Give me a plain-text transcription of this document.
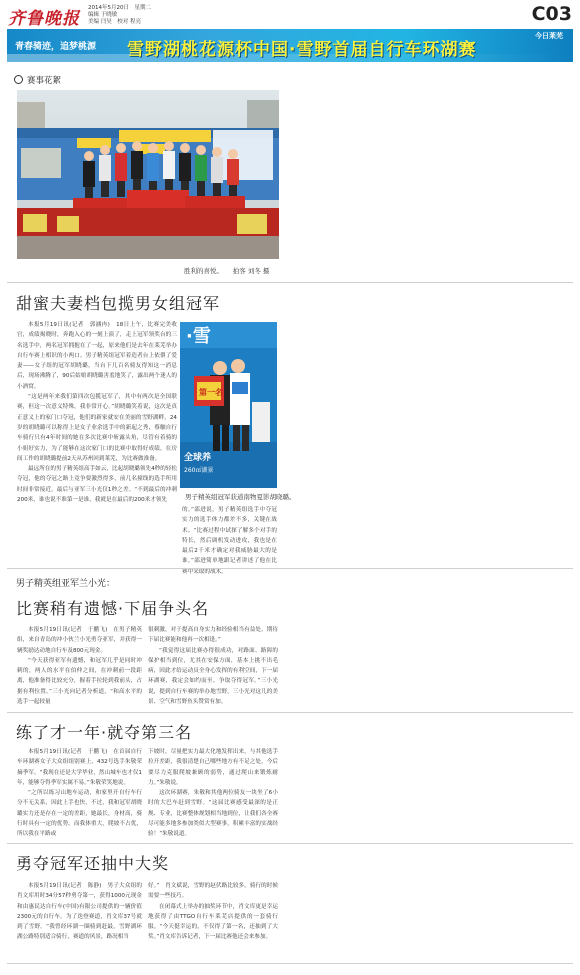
齐鲁晚报
2014年5月20日　星期二
编辑 于晓敏
美编 闫昊　校对 程亮	C03
青春骑迹，追梦桃源 雪野湖桃花源杯中国·雪野首届自行车环湖赛
今日莱芜
赛事花絮
胜利的喜悦。　　拍客 刘冬 摄
甜蜜夫妻档包揽男女组冠军

本报5月19日讯(记者　郭涵冉)　18日上午，比赛完美收官，成绩揭晓时，奔跑入心的一刻上演了，走上冠军领奖台的三名选手中，两名冠军拥抱在了一起，原来他们是去年在莱芜举办自行车赛上相识的小两口。男子精英组冠军着造者台上依偎了爱妻——女子组的冠军胡晓璐，当台下几百名骑友得知这一消息后，现场沸腾了，90后姑娘胡晓璐害羞地笑了，露出两个迷人的小酒窝。

“这是两年来我们第四次包揽冠军了，其中有两次是全国联赛，但这一次意义特殊，我非常开心。”胡晓璐笑着说，这次是真正意义上的家门口夺冠，他们的新家就安在美丽的雪野湖畔，24岁的胡晓璐可以称得上是女子业余选手中的新起之秀，蔡触自行车骑行只有4年时间的她在多次比赛中斩露头角，尽管有着骑的小姐好实力，为了能够在这次家门口的比赛中取得好成绩，在房间工作的胡晓璐提前2天从苏州回到莱芜，为比赛做准备。

最远所在的男子精英组高手如云，比起胡晓璐领先4秒的轻松夺冠，他的夺冠之路上竟争要激烈得多，前几名撞线的选手所用时间非常接近，最后与亚军三小光仅1秒之差。“不到最后的冲刺200米，谁也说不准第一是谁，我就是在最后的200米才领先

·雪
全球养
260㎡湖景
第一名
男子精英组冠军获道南物夏影胡晓璐。

的。”邵进说，男子精英组选手中夺冠实力的选手体力都差不多，关键在战术。“比赛过程中试探了解多个对手的特长，然后调机发动进攻，我也是在最后2千米才确定对我威胁最大的是谁。”邵进简单地跟记者讲述了他在比赛中采取的战术。

男子精英组亚军兰小光：
比赛稍有遗憾·下届争头名

本报5月19日讯(记者　于鹏飞)　在男子精英组，来自青岛的冲小伙兰小光勇夺亚军，并获得一辆奖励达动地自行车及800元现金。

“今天获得亚军有遗憾，和冠军几乎是同时冲刺的，两人的水平在伯仲之间，在冲刺前一段距离，他准备得比较充分，握着手拉轮到我前头，占据有利位置。”三小光向记者分析道，“和高水平的选手一起较量

很刺激，对于提高自身实力和经验相当有益处，期待下届比赛能和他再一次相逢。”

“我觉得这届比赛办得很成功，对路面、路障的保护相当到位，尤其在安保方面，基本上挑不出毛病，因此才给运动员全身心发挥的有利空间，下一届环湖赛，我定会如约而至，争取夺得冠军。”三小光说，提到自行车赛的举办地雪野，三小光对这儿的美景、空气和雪野鱼头赞赏有加。

练了才一年·就夺第三名

本报5月19日讯(记者　于鹏飞)　在首届自行车环湖赛女子大众组组别赛上，432号选手朱敬荣摘季军。“我现在还是大学毕业，然山城车也才仅1年，能够夺得季军实属不易。”朱敬荣笑地说。

“之所以练习山地车运动，和家里开自行车行分不无关系，因此上手也快，不过，我和冠军胡晓璐实力还是存在一定的差距，她最长，身材高，骑行时具有一定的优势，而我体重大，爬坡不占优，所以我在平路或

下坡时，尽量把实力最大化地发挥出来，与其他选手拉开差距，我很清楚自己哪些地方有不足之处，今后要尽力克服爬坡兼顾的弱势，通过爬山来锻炼耐力。”朱敬说。

这次环湖赛，朱敬和其他两位骑友一块坐了6小时的大巴车赶到雪野。“这届比赛感受最深的是正规、专业，比赛整体规划相当地到位，让我们各全赛尽可能多地多参加类似大型赛事，积累丰富的实战经验！”朱敬说道。

勇夺冠军还抽中大奖

本报5月19日讯(记者　陈静)　男子大众组的肖文库用时34分57秒勇夺第一，获得1000元现金和由惠民达自行车(中国)有限公司提供的一辆价值2300元的自行车。为了迭登赛道，肖文库37号就到了雪野。“我曾经环湖一圈骑到赶最，雪野湖环湖公路特别适合骑行，赛道的风景，路况相当

好。”　肖文斌说，雪野的赵伏路比较多，骑行的时候需要一些技巧。

在闭幕式上举办的抽奖环节中，肖文库更是幸运地获得了由TTGO自行车莱芜店提供的一套骑行服。“今天挺幸运的，不仅得了第一名，还抽到了大奖。”肖文库告诉记者，下一届比赛他还会来参加。
